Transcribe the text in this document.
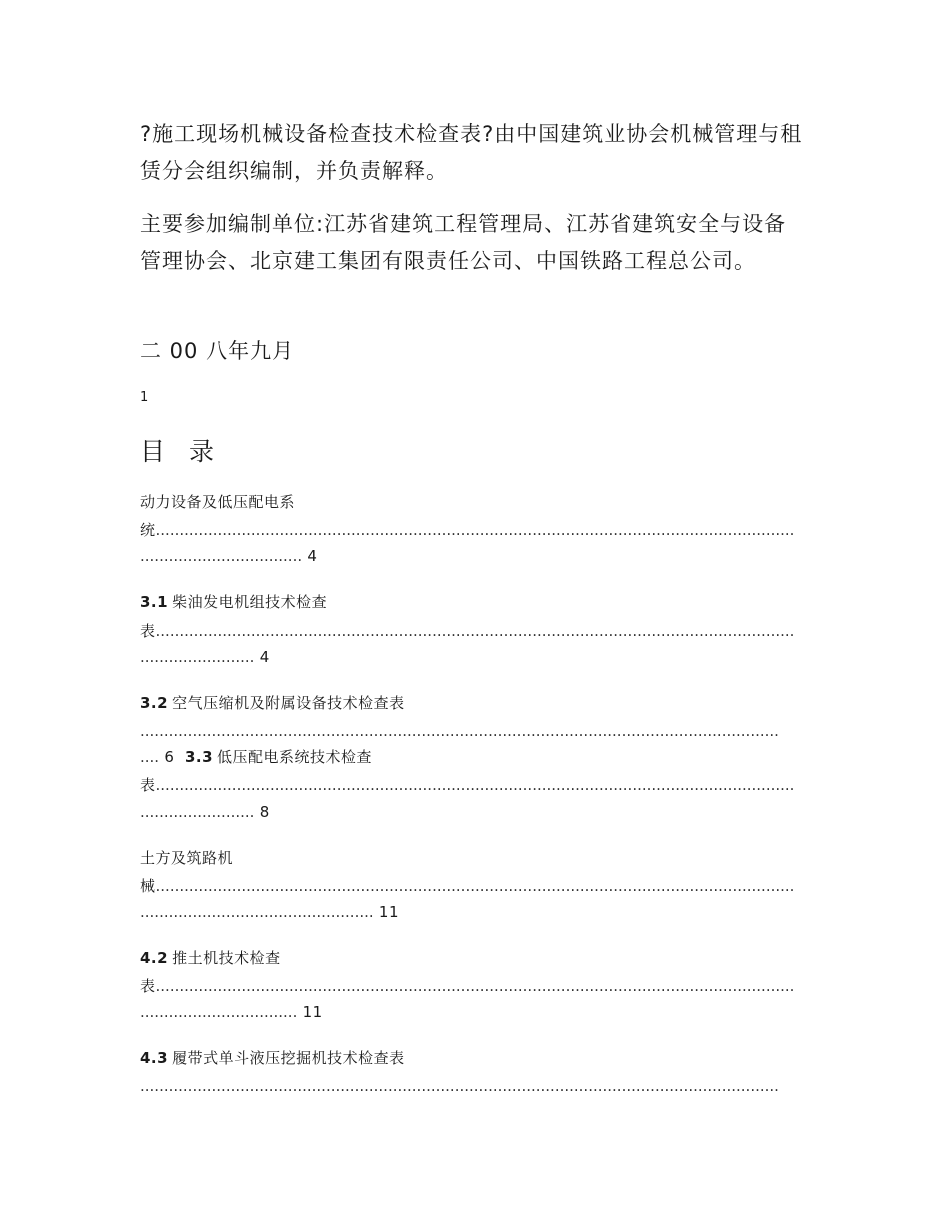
?施工现场机械设备检查技术检查表?由中国建筑业协会机械管理与租赁分会组织编制，并负责解释。

主要参加编制单位:江苏省建筑工程管理局、江苏省建筑安全与设备管理协会、北京建工集团有限责任公司、中国铁路工程总公司。

二 00 八年九月

1
目 录
动力设备及低压配电系
统......................................................................................................................................
.................................. 4
3.1 柴油发电机组技术检查
表......................................................................................................................................
........................ 4
3.2 空气压缩机及附属设备技术检查表
......................................................................................................................................
.... 6 3.3 低压配电系统技术检查
表......................................................................................................................................
........................ 8
土方及筑路机
械......................................................................................................................................
................................................. 11
4.2 推土机技术检查
表......................................................................................................................................
................................. 11
4.3 履带式单斗液压挖掘机技术检查表
......................................................................................................................................
